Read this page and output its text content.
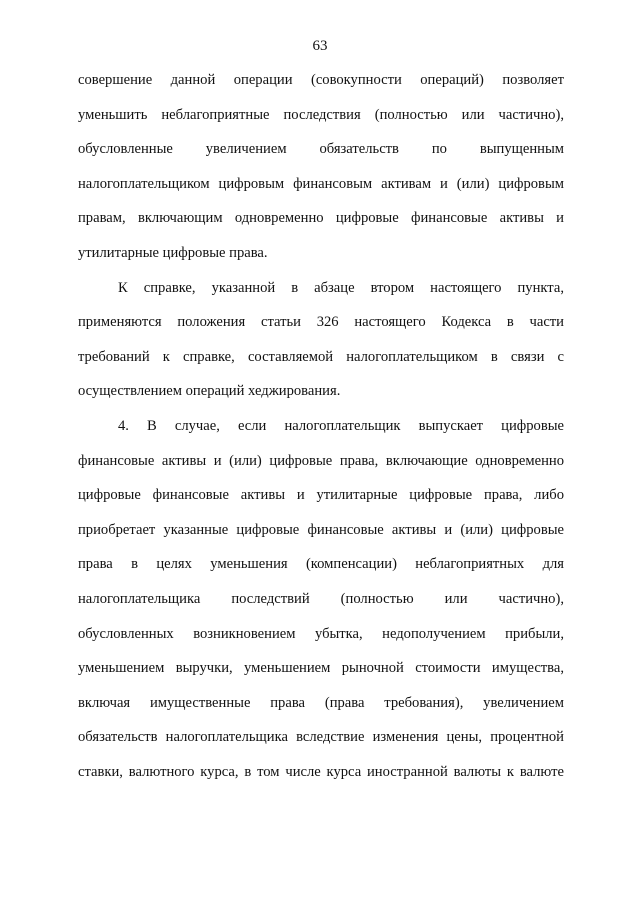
63
совершение данной операции (совокупности операций) позволяет
уменьшить неблагоприятные последствия (полностью или частично),
обусловленные увеличением обязательств по выпущенным
налогоплательщиком цифровым финансовым активам и (или) цифровым
правам, включающим одновременно цифровые финансовые активы и
утилитарные цифровые права.
К справке, указанной в абзаце втором настоящего пункта,
применяются положения статьи 326 настоящего Кодекса в части
требований к справке, составляемой налогоплательщиком в связи с
осуществлением операций хеджирования.
4. В случае, если налогоплательщик выпускает цифровые
финансовые активы и (или) цифровые права, включающие одновременно
цифровые финансовые активы и утилитарные цифровые права, либо
приобретает указанные цифровые финансовые активы и (или) цифровые
права в целях уменьшения (компенсации) неблагоприятных для
налогоплательщика последствий (полностью или частично),
обусловленных возникновением убытка, недополучением прибыли,
уменьшением выручки, уменьшением рыночной стоимости имущества,
включая имущественные права (права требования), увеличением
обязательств налогоплательщика вследствие изменения цены, процентной
ставки, валютного курса, в том числе курса иностранной валюты к валюте
